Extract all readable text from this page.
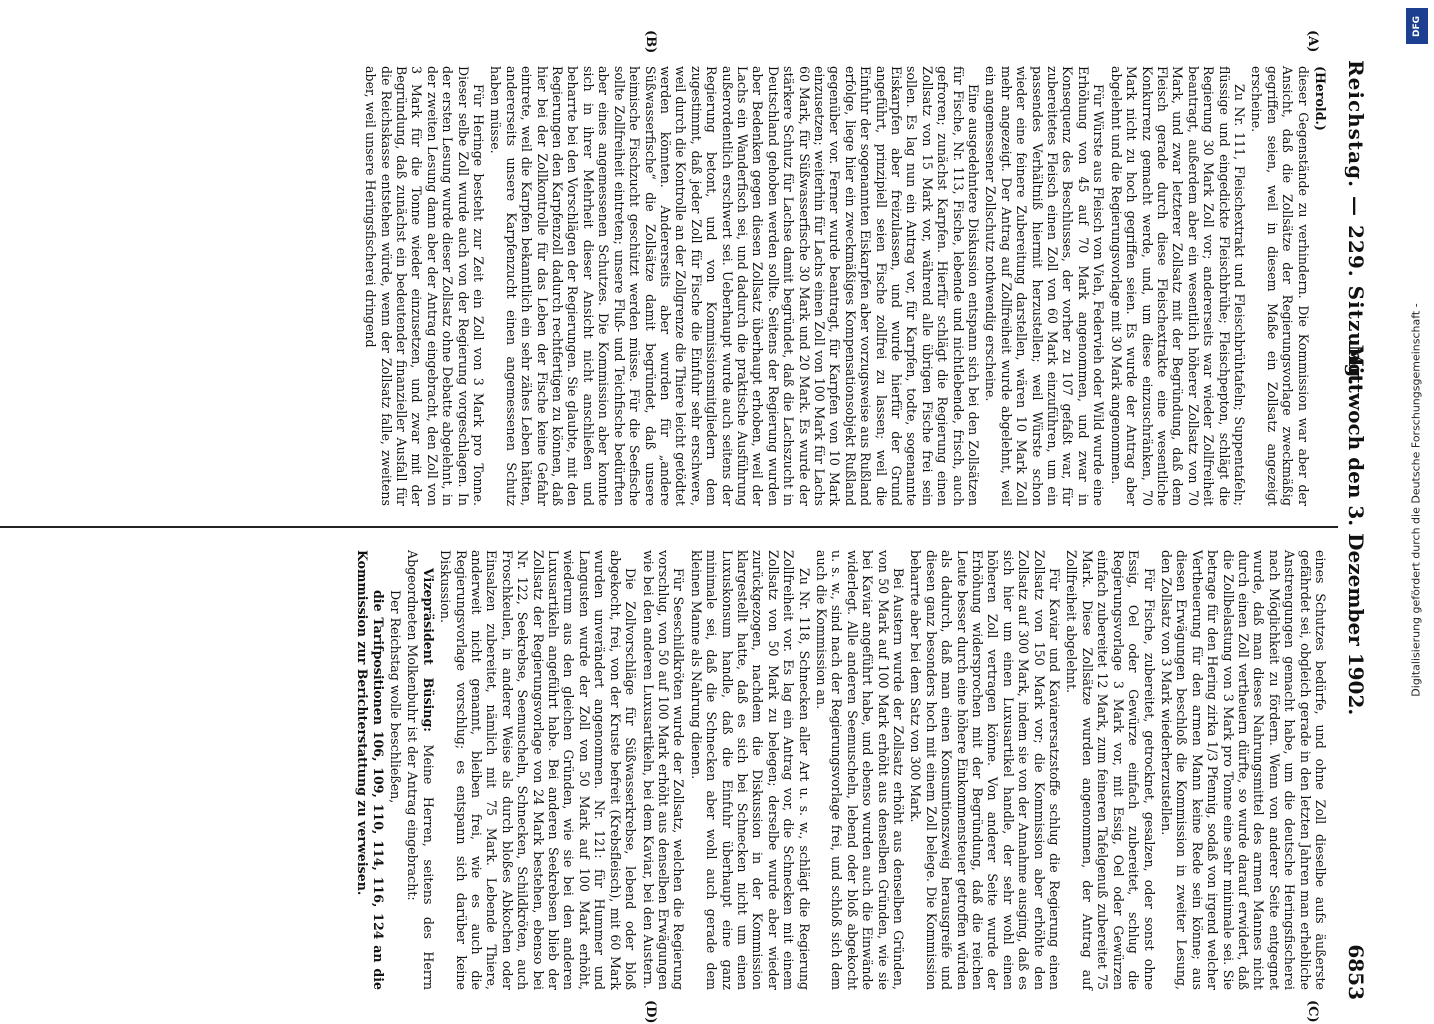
Reichstag. — 229. Sitzung.
Mittwoch den 3. Dezember 1902.
6853
(A)
(B)
(C)
(D)

(Herold.)

dieser Gegenstände zu verhindern. Die Kommission war aber der Ansicht, daß die Zollsätze der Regierungsvorlage zweckmäßig gegriffen seien, weil in diesem Maße ein Zollsatz angezeigt erscheine.

Zu Nr. 111, Fleischextrakt und Fleischbrühtafeln; Suppentafeln; flüssige und eingedickte Fleischbrühe; Fleischpepton, schlägt die Regierung 30 Mark Zoll vor; andererseits war wieder Zollfreiheit beantragt, außerdem aber ein wesentlich höherer Zollsatz von 70 Mark, und zwar letzterer Zollsatz mit der Begründung, daß dem Fleisch gerade durch diese Fleischextrakte eine wesentliche Konkurrenz gemacht werde, und, um diese einzuschränken, 70 Mark nicht zu hoch gegriffen seien. Es wurde der Antrag aber abgelehnt und die Regierungsvorlage mit 30 Mark angenommen.

Für Würste aus Fleisch von Vieh, Federvieh oder Wild wurde eine Erhöhung von 45 auf 70 Mark angenommen, und zwar in Konsequenz des Beschlusses, der vorher zu 107 gefaßt war, für zubereitetes Fleisch einen Zoll von 60 Mark einzuführen, um ein passendes Verhältniß hiermit herzustellen; weil Würste schon wieder eine feinere Zubereitung darstellen, wären 10 Mark Zoll mehr angezeigt. Der Antrag auf Zollfreiheit wurde abgelehnt, weil ein angemessener Zollschutz nothwendig erscheine.

Eine ausgedehntere Diskussion entspann sich bei den Zollsätzen für Fische, Nr. 113, Fische, lebende und nichtlebende, frisch, auch gefroren; zunächst Karpfen. Hierfür schlägt die Regierung einen Zollsatz von 15 Mark vor, während alle übrigen Fische frei sein sollen. Es lag nun ein Antrag vor, für Karpfen, todte, sogenannte Eiskarpfen aber freizulassen, und wurde hierfür der Grund angeführt, prinzipiell seien Fische zollfrei zu lassen; weil die Einfuhr der sogenannten Eiskarpfen aber vorzugsweise aus Rußland erfolge, liege hier ein zweckmäßiges Kompensationsobjekt Rußland gegenüber vor. Ferner wurde beantragt, für Karpfen von 10 Mark einzusetzen; weiterhin für Lachs einen Zoll von 100 Mark für Lachs 60 Mark, für Süßwasserfische 30 Mark und 20 Mark. Es wurde der stärkere Schutz für Lachse damit begründet, daß die Lachszucht in Deutschland gehoben werden sollte. Seitens der Regierung wurden aber Bedenken gegen diesen Zollsatz überhaupt erhoben, weil der Lachs ein Wanderfisch sei, und dadurch die praktische Ausführung außerordentlich erschwert sei. Ueberhaupt wurde auch seitens der Regierung betont, und von Kommissionsmitgliedern dem zugestimmt, daß jeder Zoll für Fische die Einfuhr sehr erschwere, weil durch die Kontrolle an der Zollgrenze die Thiere leicht getödtet werden könnten. Andererseits aber wurden für „andere Süßwasserfische“ die Zollsätze damit begründet, daß unsere heimische Fischzucht geschützt werden müsse. Für die Seefische sollte Zollfreiheit eintreten; unsere Fluß- und Teichfische bedürften aber eines angemessenen Schutzes. Die Kommission aber konnte sich in ihrer Mehrheit dieser Ansicht nicht anschließen und beharrte bei den Vorschlägen der Regierungen. Sie glaubte, mit den Regierungen den Karpfenzoll dadurch rechtfertigen zu können, daß hier bei der Zollkontrolle für das Leben der Fische keine Gefahr eintrete, weil die Karpfen bekanntlich ein sehr zähes Leben hätten, andererseits unsere Karpfenzucht einen angemessenen Schutz haben müsse.

Für Heringe besteht zur Zeit ein Zoll von 3 Mark pro Tonne. Dieser selbe Zoll wurde auch von der Regierung vorgeschlagen. In der ersten Lesung wurde dieser Zollsatz ohne Debatte abgelehnt, in der zweiten Lesung dann aber der Antrag eingebracht, den Zoll von 3 Mark für die Tonne wieder einzusetzen, und zwar mit der Begründung, daß zunächst ein bedeutender finanzieller Ausfall für die Reichskasse entstehen würde, wenn der Zollsatz falle, zweitens aber, weil unsere Heringsfischerei dringend

eines Schutzes bedürfe, und ohne Zoll dieselbe aufs äußerste gefährdet sei, obgleich gerade in den letzten Jahren man erhebliche Anstrengungen gemacht habe, um die deutsche Heringsfischerei nach Möglichkeit zu fördern. Wenn von anderer Seite entgegnet wurde, daß man dieses Nahrungsmittel des armen Mannes nicht durch einen Zoll vertheuern dürfte, so wurde darauf erwidert, daß die Zollbelastung von 3 Mark pro Tonne eine sehr minimale sei. Sie betrage für den Hering zirka 1/3 Pfennig, sodaß von irgend welcher Vertheuerung für den armen Mann keine Rede sein könne; aus diesen Erwägungen beschloß die Kommission in zweiter Lesung, den Zollsatz von 3 Mark wiederherzustellen.

Für Fische, zubereitet, getrocknet, gesalzen, oder sonst ohne Essig, Oel oder Gewürze einfach zubereitet, schlug die Regierungsvorlage 3 Mark vor, mit Essig, Oel oder Gewürzen einfach zubereitet 12 Mark, zum feineren Tafelgenuß zubereitet 75 Mark. Diese Zollsätze wurden angenommen, der Antrag auf Zollfreiheit abgelehnt.

Für Kaviar und Kaviarersatzstoffe schlug die Regierung einen Zollsatz von 150 Mark vor; die Kommission aber erhöhte den Zollsatz auf 300 Mark, indem sie von der Annahme ausging, daß es sich hier um einen Luxusartikel handle, der sehr wohl einen höheren Zoll vertragen könne. Von anderer Seite wurde der Erhöhung widersprochen mit der Begründung, daß die reichen Leute besser durch eine höhere Einkommensteuer getroffen würden als dadurch, daß man einen Konsumtionszweig herausgreife und diesen ganz besonders hoch mit einem Zoll belege. Die Kommission beharrte aber bei dem Satz von 300 Mark.

Bei Austern wurde der Zollsatz erhöht aus denselben Gründen, von 50 Mark auf 100 Mark erhöht aus denselben Gründen, wie sie bei Kaviar angeführt habe, und ebenso wurden auch die Einwände widerlegt. Alle anderen Seemuscheln, lebend oder bloß abgekocht u. s. w., sind nach der Regierungsvorlage frei, und schloß sich dem auch die Kommission an.

Zu Nr. 118, Schnecken aller Art u. s. w., schlägt die Regierung Zollfreiheit vor. Es lag ein Antrag vor, die Schnecken mit einem Zollsatz von 50 Mark zu belegen; derselbe wurde aber wieder zurückgezogen, nachdem die Diskussion in der Kommission klargestellt hatte, daß es sich bei Schnecken nicht um einen Luxuskonsum handle, daß die Einfuhr überhaupt eine ganz minimale sei, daß die Schnecken aber wohl auch gerade dem kleinen Manne als Nahrung dienen.

Für Seeschildkröten wurde der Zollsatz, welchen die Regierung vorschlug, von 50 auf 100 Mark erhöht aus denselben Erwägungen wie bei den anderen Luxusartikeln, bei dem Kaviar, bei den Austern.

Die Zollvorschläge für Süßwasserkrebse, lebend oder bloß abgekocht, frei, von der Kruste befreit (Krebsfleisch), mit 60 Mark wurden unverändert angenommen. Nr. 121: für Hummer und Langusten wurde der Zoll von 50 Mark auf 100 Mark erhöht, wiederum aus den gleichen Gründen, wie sie bei den anderen Luxusartikeln angeführt habe. Bei anderen Seekrebsen blieb der Zollsatz der Regierungsvorlage von 24 Mark bestehen, ebenso bei Nr. 122, Seekrebse, Seemuscheln, Schnecken, Schildkröten, auch Froschkeulen, in anderer Weise als durch bloßes Abkochen oder Einsalzen zubereitet, nämlich mit 75 Mark. Lebende Thiere, anderweit nicht genannt, bleiben frei, wie es auch die Regierungsvorlage vorschlug; es entspann sich darüber keine Diskussion.

Vizepräsident Büsing: Meine Herren, seitens des Herrn Abgeordneten Molkenbuhr ist der Antrag eingebracht:

Der Reichstag wolle beschließen,

die Tarifpositionen 106, 109, 110, 114, 116, 124 an die Kommission zur Berichterstattung zu verweisen.

DFG
Digitalisierung gefördert durch die Deutsche Forschungsgemeinschaft -
